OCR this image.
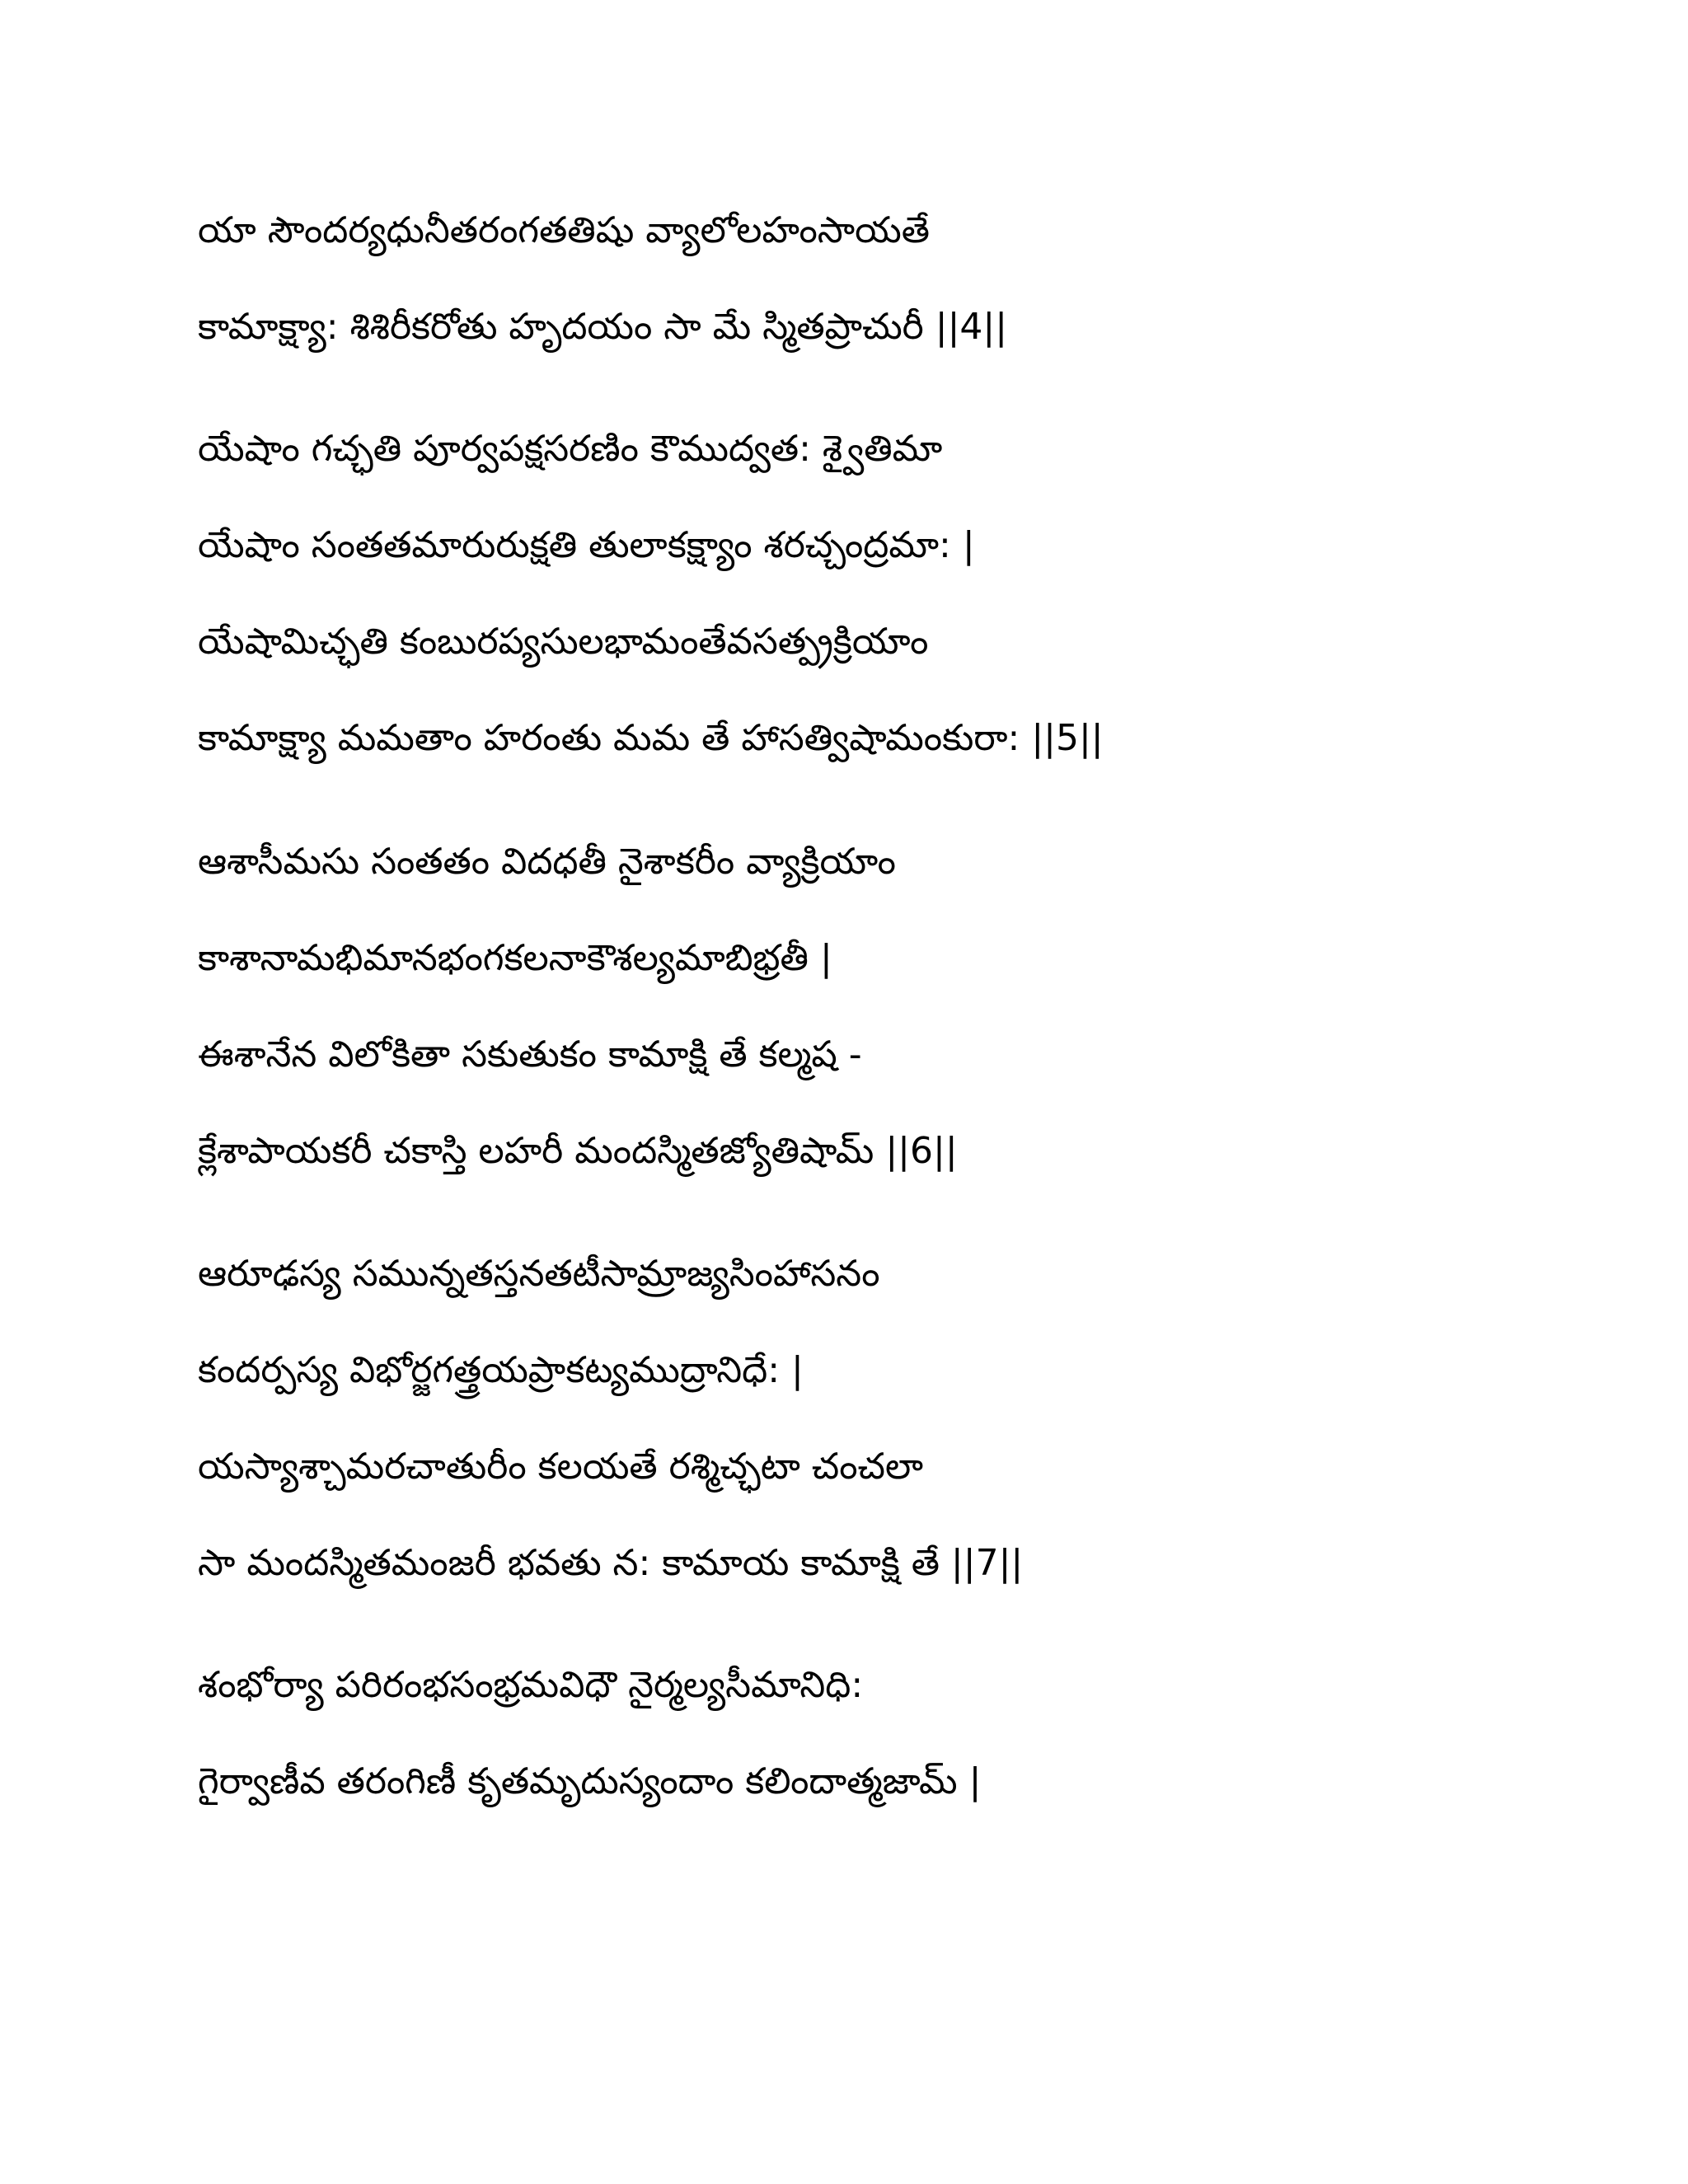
యా సౌందర్యధునీతరంగతతిషు వ్యాలోలహంసాయతే
కామాక్ష్యా: శిశిరీకరోతు హృదయం సా మే స్మితప్రాచురీ ||4||
యేషాం గచ్ఛతి పూర్వపక్షసరణిం కౌముద్వత: శ్వైతిమా
యేషాం సంతతమారురుక్షతి తులాకక్ష్యాం శరచ్చంద్రమా: |
యేషామిచ్ఛతి కంబురప్యసులభామంతేవసత్ప్రక్రియాం
కామాక్ష్యా మమతాం హరంతు మమ తే హాసత్విషామంకురా: ||5||
ఆశాసీమసు సంతతం విదధతీ నైశాకరీం వ్యాక్రియాం
కాశానామభిమానభంగకలనాకౌశల్యమాబిభ్రతీ |
ఈశానేన విలోకితా సకుతుకం కామాక్షి తే కల్మష -
క్లేశాపాయకరీ చకాస్తి లహరీ మందస్మితజ్యోతిషామ్ ||6||
ఆరూఢస్య సమున్నతస్తనతటీసామ్రాజ్యసింహాసనం
కందర్పస్య విభోర్జగత్త్రయప్రాకట్యముద్రానిధే: |
యస్యాశ్చామరచాతురీం కలయతే రశ్మిచ్ఛటా చంచలా
సా మందస్మితమంజరీ భవతు న: కామాయ కామాక్షి తే ||7||
శంభోర్యా పరిరంభసంభ్రమవిధౌ నైర్మల్యసీమానిధి:
గైర్వాణీవ తరంగిణీ కృతమృదుస్యందాం కలిందాత్మజామ్ |
